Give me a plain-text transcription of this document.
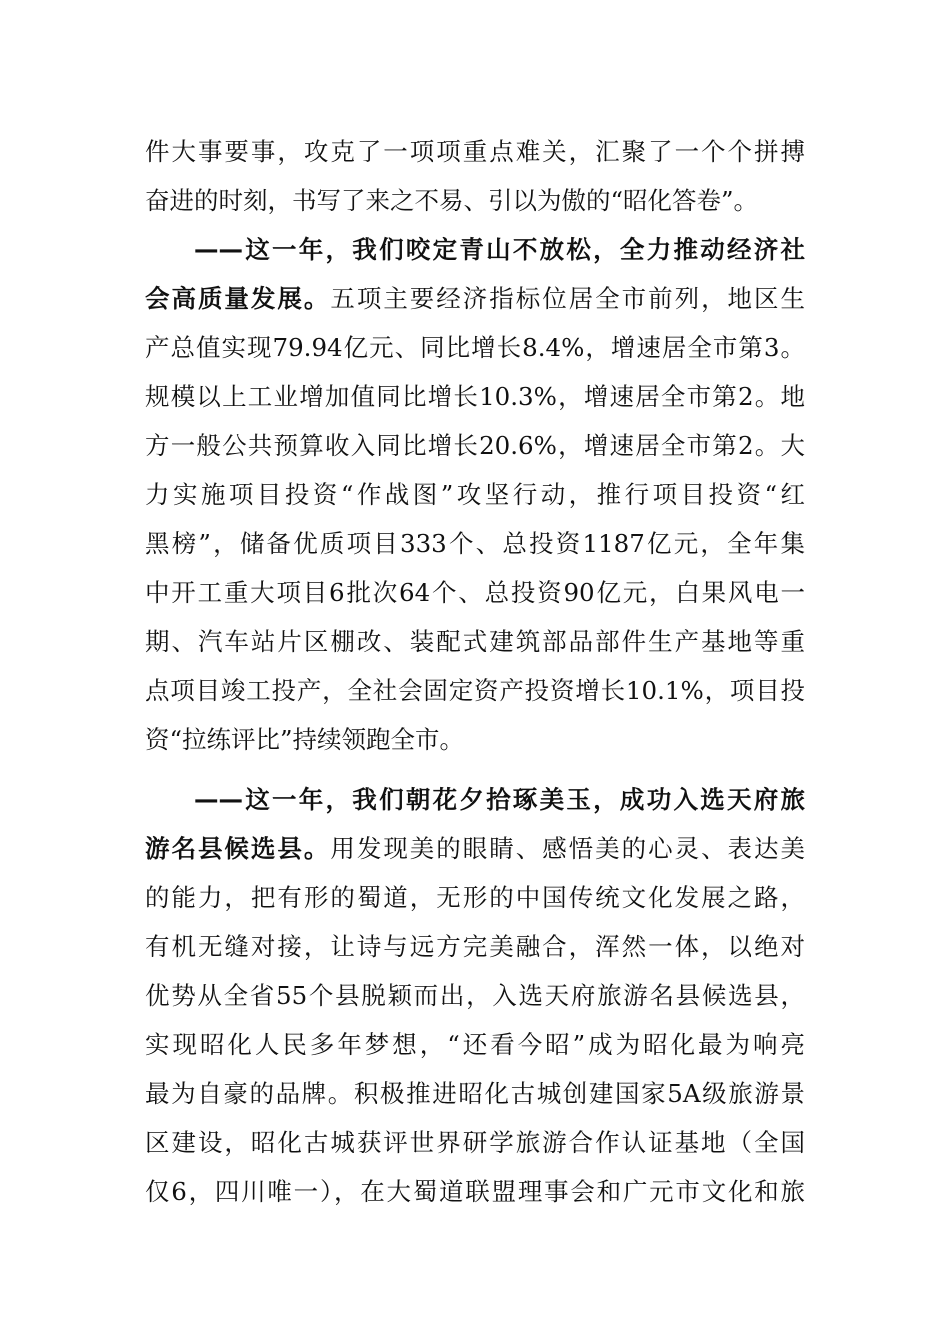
件大事要事，攻克了一项项重点难关，汇聚了一个个拼搏
奋进的时刻，书写了来之不易、引以为傲的“昭化答卷”。
——这一年，我们咬定青山不放松，全力推动经济社
会高质量发展。五项主要经济指标位居全市前列，地区生
产总值实现79.94亿元、同比增长8.4%，增速居全市第3。
规模以上工业增加值同比增长10.3%，增速居全市第2。地
方一般公共预算收入同比增长20.6%，增速居全市第2。大
力实施项目投资“作战图”攻坚行动，推行项目投资“红
黑榜”，储备优质项目333个、总投资1187亿元，全年集
中开工重大项目6批次64个、总投资90亿元，白果风电一
期、汽车站片区棚改、装配式建筑部品部件生产基地等重
点项目竣工投产，全社会固定资产投资增长10.1%，项目投
资“拉练评比”持续领跑全市。
——这一年，我们朝花夕拾琢美玉，成功入选天府旅
游名县候选县。用发现美的眼睛、感悟美的心灵、表达美
的能力，把有形的蜀道，无形的中国传统文化发展之路，
有机无缝对接，让诗与远方完美融合，浑然一体，以绝对
优势从全省55个县脱颖而出，入选天府旅游名县候选县，
实现昭化人民多年梦想，“还看今昭”成为昭化最为响亮
最为自豪的品牌。积极推进昭化古城创建国家5A级旅游景
区建设，昭化古城获评世界研学旅游合作认证基地（全国
仅6，四川唯一），在大蜀道联盟理事会和广元市文化和旅
